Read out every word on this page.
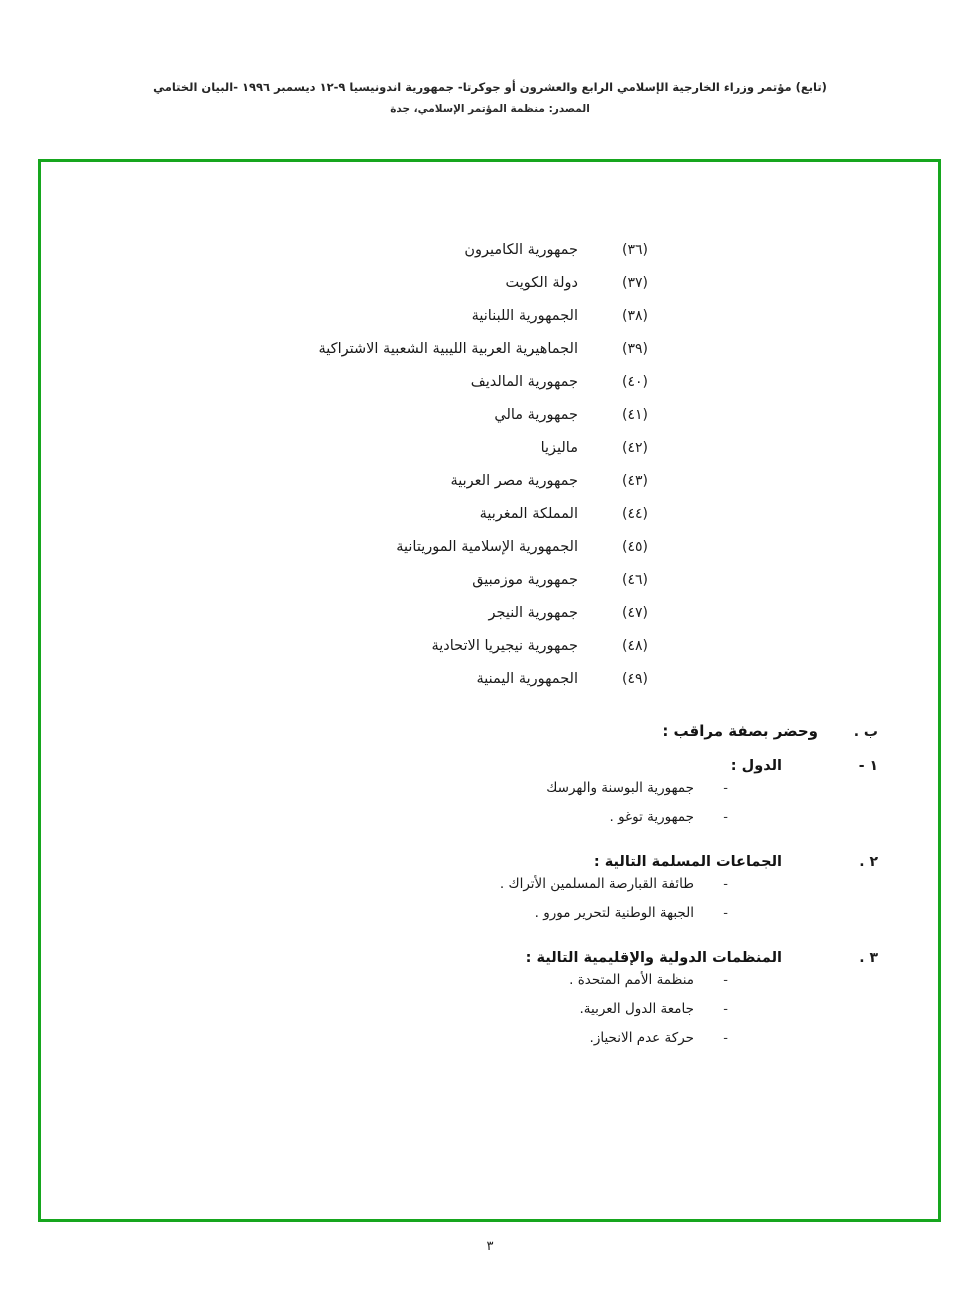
(تابع) مؤتمر وزراء الخارجية الإسلامي الرابع والعشرون أو جوكرتا- جمهورية اندونيسيا ٩-١٢ ديسمبر ١٩٩٦ -البيان الختامي
المصدر: منظمة المؤتمر الإسلامي، جدة
(٣٦)
جمهورية الكاميرون
(٣٧)
دولة الكويت
(٣٨)
الجمهورية اللبنانية
(٣٩)
الجماهيرية العربية الليبية الشعبية الاشتراكية
(٤٠)
جمهورية المالديف
(٤١)
جمهورية مالي
(٤٢)
ماليزيا
(٤٣)
جمهورية مصر العربية
(٤٤)
المملكة المغربية
(٤٥)
الجمهورية الإسلامية الموريتانية
(٤٦)
جمهورية موزمبيق
(٤٧)
جمهورية النيجر
(٤٨)
جمهورية نيجيريا الاتحادية
(٤٩)
الجمهورية اليمنية
ب .
وحضر بصفة مراقب :
١ -
الدول :
-
جمهورية البوسنة والهرسك
-
جمهورية توغو .
٢ .
الجماعات المسلمة التالية :
-
طائفة القبارصة المسلمين الأتراك .
-
الجبهة الوطنية لتحرير مورو .
٣ .
المنظمات الدولية والإقليمية التالية :
-
منظمة الأمم المتحدة .
-
جامعة الدول العربية.
-
حركة عدم الانحياز.
٣
